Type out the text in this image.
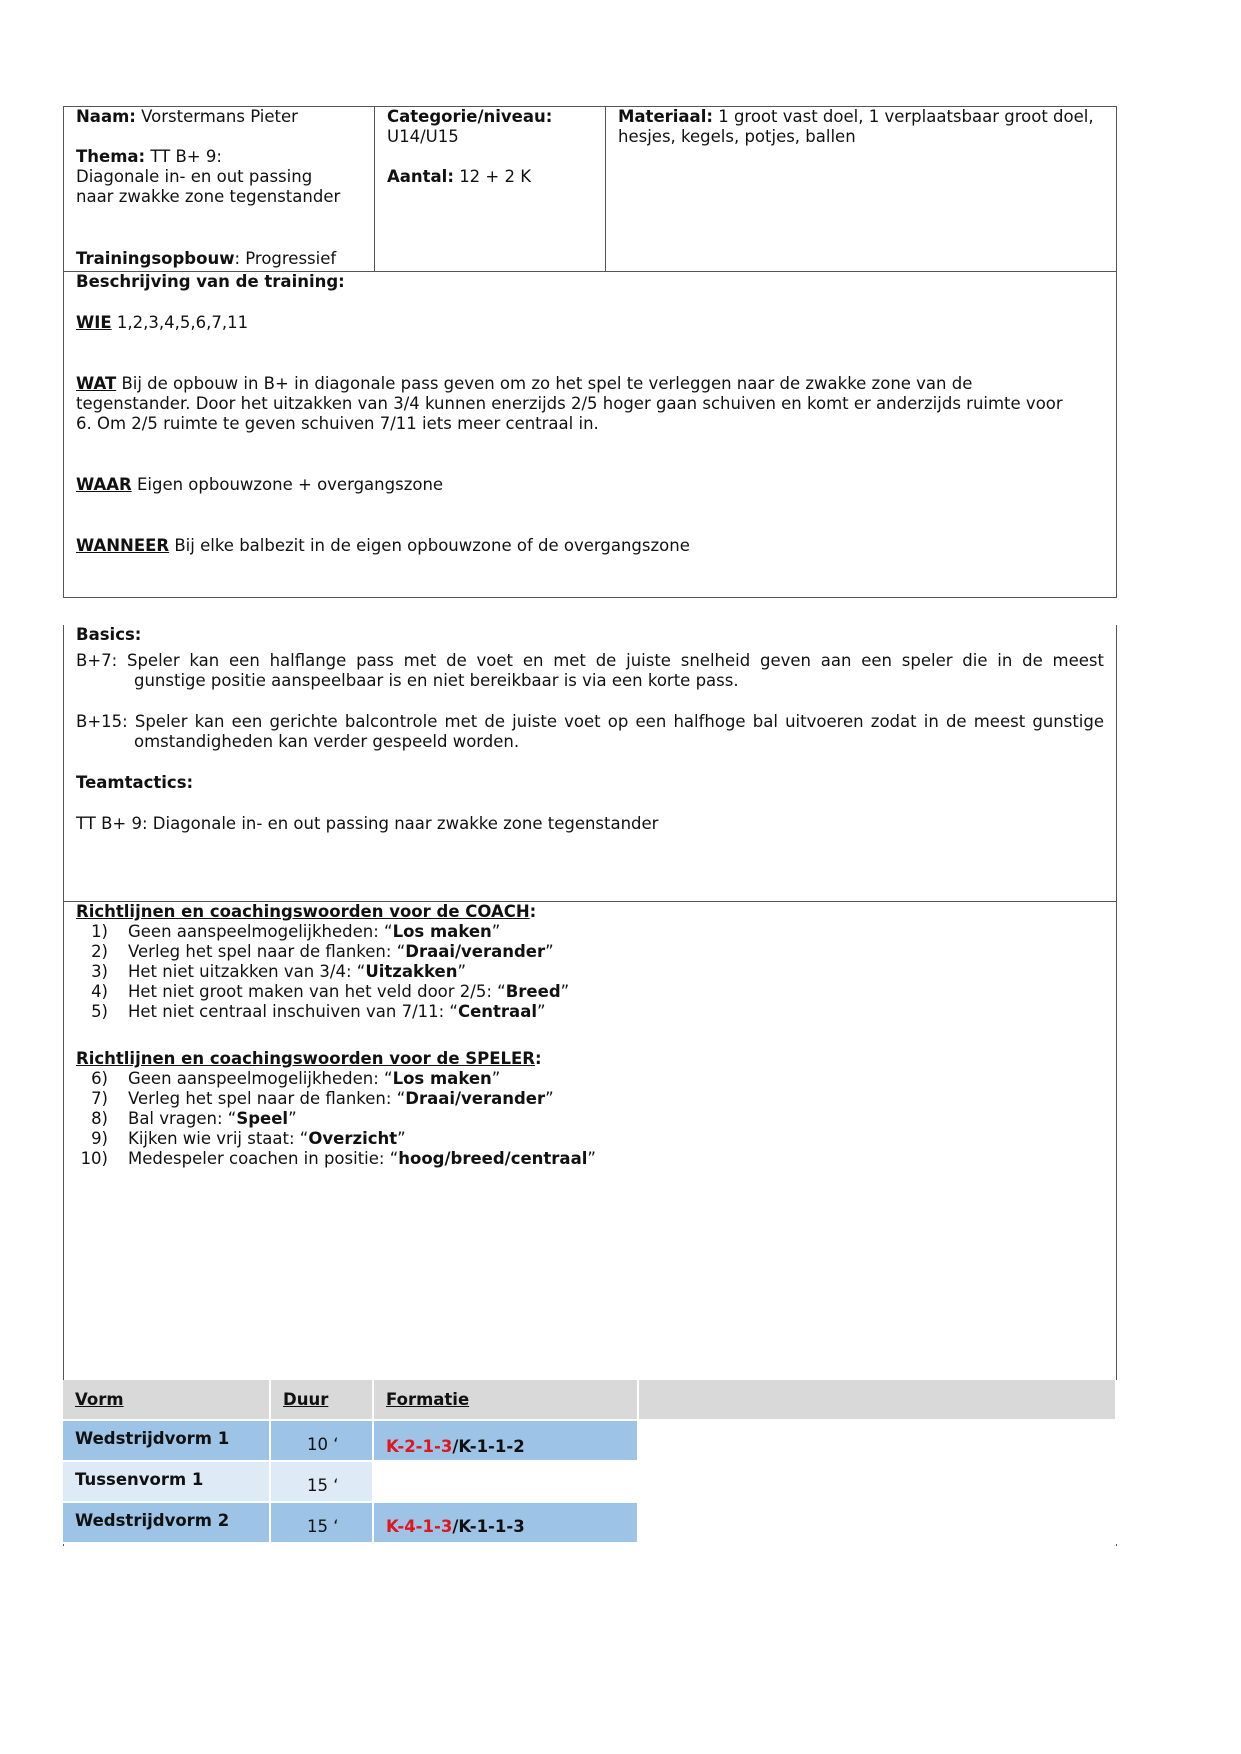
Naam: Vorstermans Pieter

Thema: TT B+ 9:

Diagonale in- en out passing

naar zwakke zone tegenstander

Trainingsopbouw: Progressief

Categorie/niveau:

U14/U15

Aantal: 12 + 2 K

Materiaal: 1 groot vast doel, 1 verplaatsbaar groot doel,

hesjes, kegels, potjes, ballen

Beschrijving van de training:

WIE 1,2,3,4,5,6,7,11

WAT Bij de opbouw in B+ in diagonale pass geven om zo het spel te verleggen naar de zwakke zone van de

tegenstander. Door het uitzakken van 3/4 kunnen enerzijds 2/5 hoger gaan schuiven en komt er anderzijds ruimte voor

6. Om 2/5 ruimte te geven schuiven 7/11 iets meer centraal in.

WAAR Eigen opbouwzone + overgangszone

WANNEER Bij elke balbezit in de eigen opbouwzone of de overgangszone

Basics:

B+7: Speler kan een halflange pass met de voet en met de juiste snelheid geven aan een speler die in de meest

gunstige positie aanspeelbaar is en niet bereikbaar is via een korte pass.

B+15: Speler kan een gerichte balcontrole met de juiste voet op een halfhoge bal uitvoeren zodat in de meest gunstige

omstandigheden kan verder gespeeld worden.

Teamtactics:

TT B+ 9: Diagonale in- en out passing naar zwakke zone tegenstander

Richtlijnen en coachingswoorden voor de COACH:

1)	Geen aanspeelmogelijkheden: “Los maken”
2)	Verleg het spel naar de flanken: “Draai/verander”
3)	Het niet uitzakken van 3/4: “Uitzakken”
4)	Het niet groot maken van het veld door 2/5: “Breed”
5)	Het niet centraal inschuiven van 7/11: “Centraal”

Richtlijnen en coachingswoorden voor de SPELER:

6)	Geen aanspeelmogelijkheden: “Los maken”
7)	Verleg het spel naar de flanken: “Draai/verander”
8)	Bal vragen: “Speel”
9)	Kijken wie vrij staat: “Overzicht”
10)	Medespeler coachen in positie: “hoog/breed/centraal”
Vorm	Duur	Formatie
Wedstrijdvorm 1	10 ‘	K-2-1-3/K-1-1-2
Tussenvorm 1	15 ‘
Wedstrijdvorm 2	15 ‘	K-4-1-3/K-1-1-3
